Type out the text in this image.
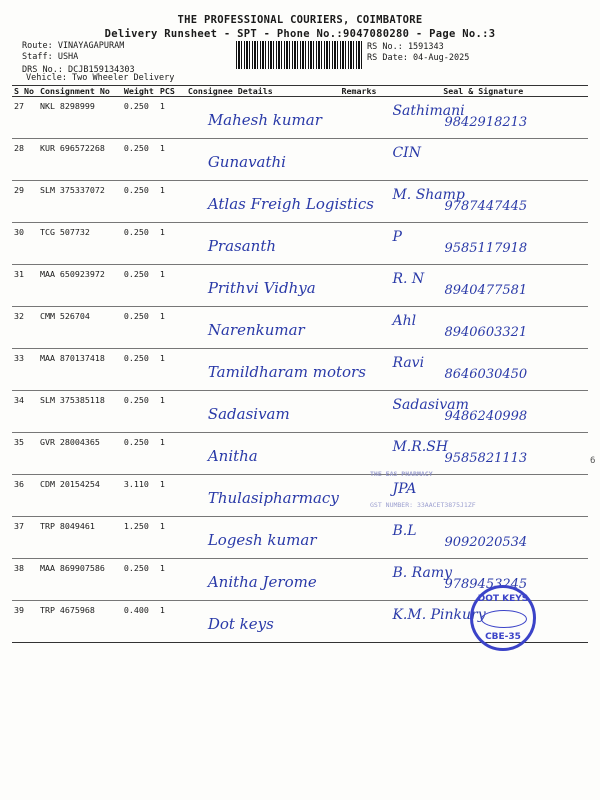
THE PROFESSIONAL COURIERS, COIMBATORE
Delivery Runsheet - SPT - Phone No.:9047080280 - Page No.:3
Route: VINAYAGAPURAM
Staff: USHA
DRS No.: DCJB159134303
Vehicle: Two Wheeler Delivery
RS No.: 1591343
RS Date: 04-Aug-2025
S No	Consignment No	Weight	PCS	Consignee Details	Remarks	Seal & Signature
27	NKL 8298999	0.250	1	Mahesh kumar		Sathimani
9842918213

28	KUR 696572268	0.250	1	Gunavathi		CIN

29	SLM 375337072	0.250	1	Atlas Freigh Logistics		M. Shamp
9787447445

30	TCG 507732	0.250	1	Prasanth		P
9585117918

31	MAA 650923972	0.250	1	Prithvi Vidhya		R. N
8940477581

32	CMM 526704	0.250	1	Narenkumar		Ahl
8940603321

33	MAA 870137418	0.250	1	Tamildharam motors		Ravi
8646030450

34	SLM 375385118	0.250	1	Sadasivam		Sadasivam
9486240998

35	GVR 28004365	0.250	1	Anitha		M.R.SH
9585821113

36	CDM 20154254	3.110	1	Thulasipharmacy		JPA

37	TRP 8049461	1.250	1	Logesh kumar		B.L
9092020534

38	MAA 869907586	0.250	1	Anitha Jerome		B. Ramy
9789453245

39	TRP 4675968	0.400	1	Dot keys		K.M. Pinkury
THE EAS PHARMACY
GST NUMBER: 33AACET3875J1ZF
DOT KEYS
CBE-35
6
